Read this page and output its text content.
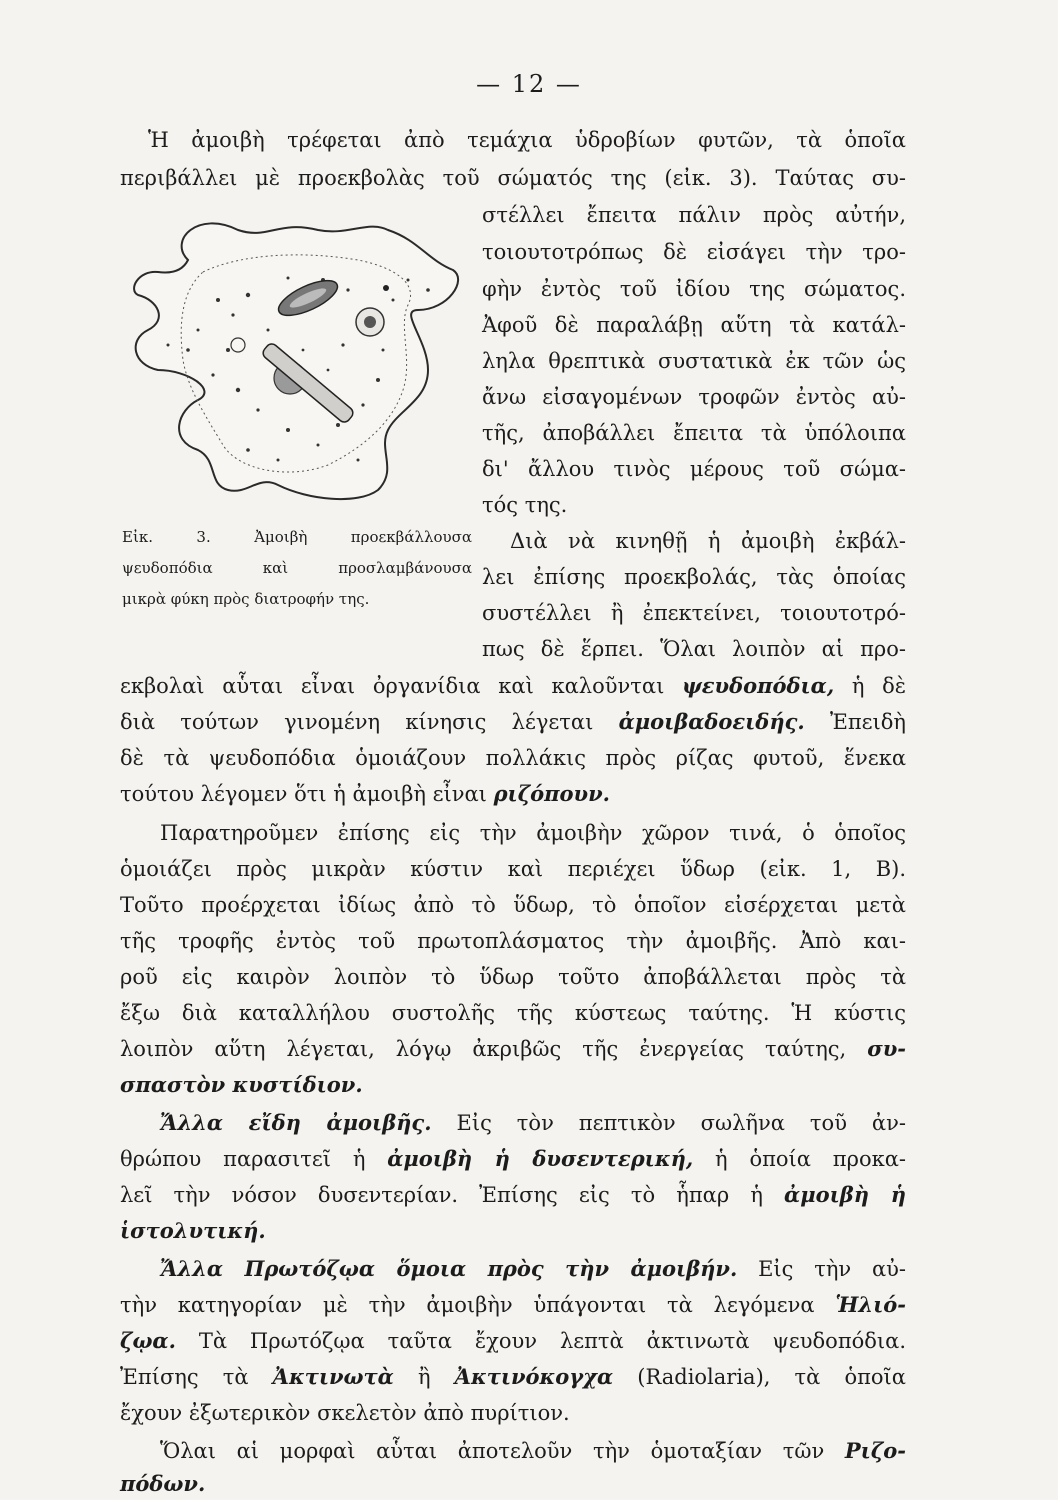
— 12 —
Ἡ ἀμοιβὴ τρέφεται ἀπὸ τεμάχια ὑδροβίων φυτῶν, τὰ ὁποῖα
περιβάλλει μὲ προεκβολὰς τοῦ σώματός της (εἰκ. 3). Ταύτας συ-
στέλλει ἔπειτα πάλιν πρὸς αὐτήν,
τοιουτοτρόπως δὲ εἰσάγει τὴν τρο-
φὴν ἐντὸς τοῦ ἰδίου της σώματος.
Ἀφοῦ δὲ παραλάβῃ αὕτη τὰ κατάλ-
ληλα θρεπτικὰ συστατικὰ ἐκ τῶν ὡς
ἄνω εἰσαγομένων τροφῶν ἐντὸς αὐ-
τῆς, ἀποβάλλει ἔπειτα τὰ ὑπόλοιπα
δι' ἄλλου τινὸς μέρους τοῦ σώμα-
τός της.
Διὰ νὰ κινηθῇ ἡ ἀμοιβὴ ἐκβάλ-
λει ἐπίσης προεκβολάς, τὰς ὁποίας
συστέλλει ἢ ἐπεκτείνει, τοιουτοτρό-
πως δὲ ἕρπει. Ὅλαι λοιπὸν αἱ προ-
Εἰκ. 3. Ἀμοιβὴ προεκβάλλουσα
ψευδοπόδια καὶ προσλαμβάνουσα
μικρὰ φύκη πρὸς διατροφήν της.
εκβολαὶ αὗται εἶναι ὀργανίδια καὶ καλοῦνται ψευδοπόδια, ἡ δὲ
διὰ τούτων γινομένη κίνησις λέγεται ἀμοιβαδοειδής. Ἐπειδὴ
δὲ τὰ ψευδοπόδια ὁμοιάζουν πολλάκις πρὸς ρίζας φυτοῦ, ἕνεκα
τούτου λέγομεν ὅτι ἡ ἀμοιβὴ εἶναι ριζόπουν.
Παρατηροῦμεν ἐπίσης εἰς τὴν ἀμοιβὴν χῶρον τινά, ὁ ὁποῖος
ὁμοιάζει πρὸς μικρὰν κύστιν καὶ περιέχει ὕδωρ (εἰκ. 1, Β).
Τοῦτο προέρχεται ἰδίως ἀπὸ τὸ ὕδωρ, τὸ ὁποῖον εἰσέρχεται μετὰ
τῆς τροφῆς ἐντὸς τοῦ πρωτοπλάσματος τὴν ἀμοιβῆς. Ἀπὸ και-
ροῦ εἰς καιρὸν λοιπὸν τὸ ὕδωρ τοῦτο ἀποβάλλεται πρὸς τὰ
ἔξω διὰ καταλλήλου συστολῆς τῆς κύστεως ταύτης. Ἡ κύστις
λοιπὸν αὕτη λέγεται, λόγῳ ἀκριβῶς τῆς ἐνεργείας ταύτης, συ-
σπαστὸν κυστίδιον.
Ἄλλα εἴδη ἀμοιβῆς. Εἰς τὸν πεπτικὸν σωλῆνα τοῦ ἀν-
θρώπου παρασιτεῖ ἡ ἀμοιβὴ ἡ δυσεντερική, ἡ ὁποία προκα-
λεῖ τὴν νόσον δυσεντερίαν. Ἐπίσης εἰς τὸ ἧπαρ ἡ ἀμοιβὴ ἡ
ἱστολυτική.
Ἄλλα Πρωτόζῳα ὅμοια πρὸς τὴν ἀμοιβήν. Εἰς τὴν αὐ-
τὴν κατηγορίαν μὲ τὴν ἀμοιβὴν ὑπάγονται τὰ λεγόμενα Ἡλιό-
ζῳα. Τὰ Πρωτόζῳα ταῦτα ἔχουν λεπτὰ ἀκτινωτὰ ψευδοπόδια.
Ἐπίσης τὰ Ἀκτινωτὰ ἢ Ἀκτινόκογχα (Radiolaria), τὰ ὁποῖα
ἔχουν ἐξωτερικὸν σκελετὸν ἀπὸ πυρίτιον.
Ὅλαι αἱ μορφαὶ αὗται ἀποτελοῦν τὴν ὁμοταξίαν τῶν Ριζο-
πόδων.
